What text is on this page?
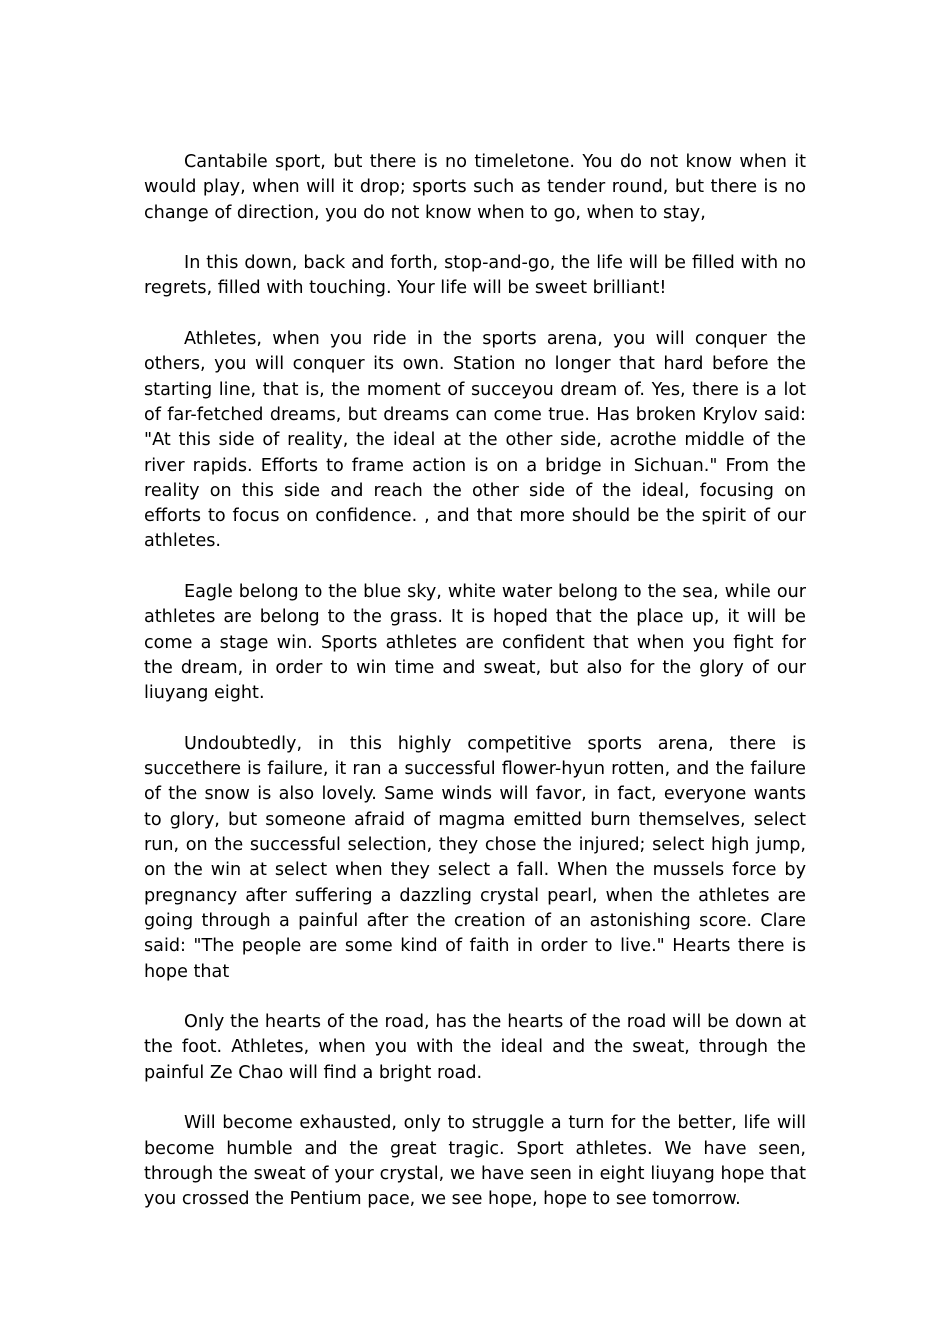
Cantabile sport, but there is no timeletone. You do not know when it would play, when will it drop; sports such as tender round, but there is no change of direction, you do not know when to go, when to stay,

In this down, back and forth, stop-and-go, the life will be filled with no regrets, filled with touching. Your life will be sweet brilliant!

Athletes, when you ride in the sports arena, you will conquer the others, you will conquer its own. Station no longer that hard before the starting line, that is, the moment of succeyou dream of. Yes, there is a lot of far-fetched dreams, but dreams can come true. Has broken Krylov said: "At this side of reality, the ideal at the other side, acrothe middle of the river rapids. Efforts to frame action is on a bridge in Sichuan." From the reality on this side and reach the other side of the ideal, focusing on efforts to focus on confidence. , and that more should be the spirit of our athletes.

Eagle belong to the blue sky, white water belong to the sea, while our athletes are belong to the grass. It is hoped that the place up, it will be come a stage win. Sports athletes are confident that when you fight for the dream, in order to win time and sweat, but also for the glory of our liuyang eight.

Undoubtedly, in this highly competitive sports arena, there is succethere is failure, it ran a successful flower-hyun rotten, and the failure of the snow is also lovely. Same winds will favor, in fact, everyone wants to glory, but someone afraid of magma emitted burn themselves, select run, on the successful selection, they chose the injured; select high jump, on the win at select when they select a fall. When the mussels force by pregnancy after suffering a dazzling crystal pearl, when the athletes are going through a painful after the creation of an astonishing score. Clare said: "The people are some kind of faith in order to live." Hearts there is hope that

Only the hearts of the road, has the hearts of the road will be down at the foot. Athletes, when you with the ideal and the sweat, through the painful Ze Chao will find a bright road.

Will become exhausted, only to struggle a turn for the better, life will become humble and the great tragic. Sport athletes. We have seen, through the sweat of your crystal, we have seen in eight liuyang hope that you crossed the Pentium pace, we see hope, hope to see tomorrow.
